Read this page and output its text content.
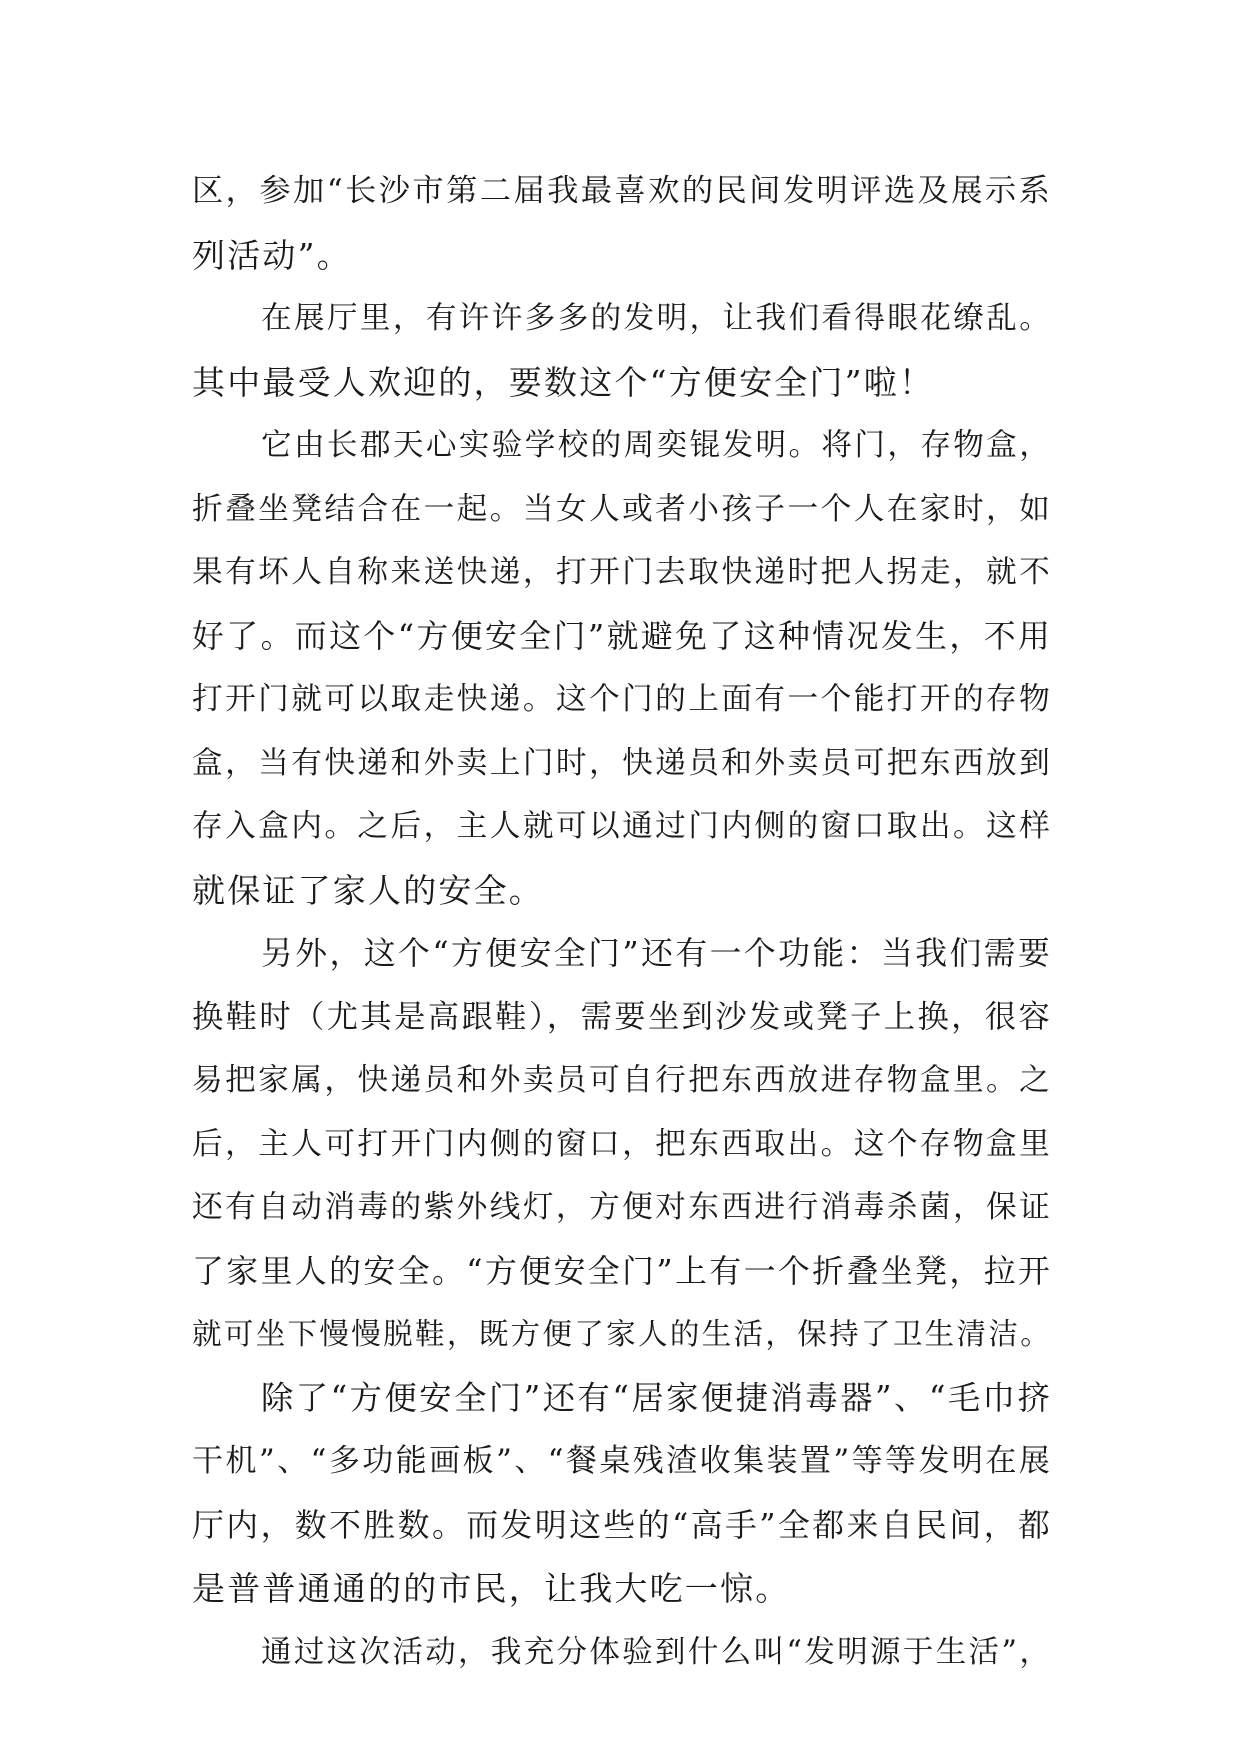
区，参加“长沙市第二届我最喜欢的民间发明评选及展示系
列活动”。
在展厅里，有许许多多的发明，让我们看得眼花缭乱。
其中最受人欢迎的，要数这个“方便安全门”啦！
它由长郡天心实验学校的周奕锟发明。将门，存物盒，
折叠坐凳结合在一起。当女人或者小孩子一个人在家时，如
果有坏人自称来送快递，打开门去取快递时把人拐走，就不
好了。而这个“方便安全门”就避免了这种情况发生，不用
打开门就可以取走快递。这个门的上面有一个能打开的存物
盒，当有快递和外卖上门时，快递员和外卖员可把东西放到
存入盒内。之后，主人就可以通过门内侧的窗口取出。这样
就保证了家人的安全。
另外，这个“方便安全门”还有一个功能：当我们需要
换鞋时（尤其是高跟鞋），需要坐到沙发或凳子上换，很容
易把家属，快递员和外卖员可自行把东西放进存物盒里。之
后，主人可打开门内侧的窗口，把东西取出。这个存物盒里
还有自动消毒的紫外线灯，方便对东西进行消毒杀菌，保证
了家里人的安全。“方便安全门”上有一个折叠坐凳，拉开
就可坐下慢慢脱鞋，既方便了家人的生活，保持了卫生清洁。
除了“方便安全门”还有“居家便捷消毒器”、“毛巾挤
干机”、“多功能画板”、“餐桌残渣收集装置”等等发明在展
厅内，数不胜数。而发明这些的“高手”全都来自民间，都
是普普通通的的市民，让我大吃一惊。
通过这次活动，我充分体验到什么叫“发明源于生活”，
